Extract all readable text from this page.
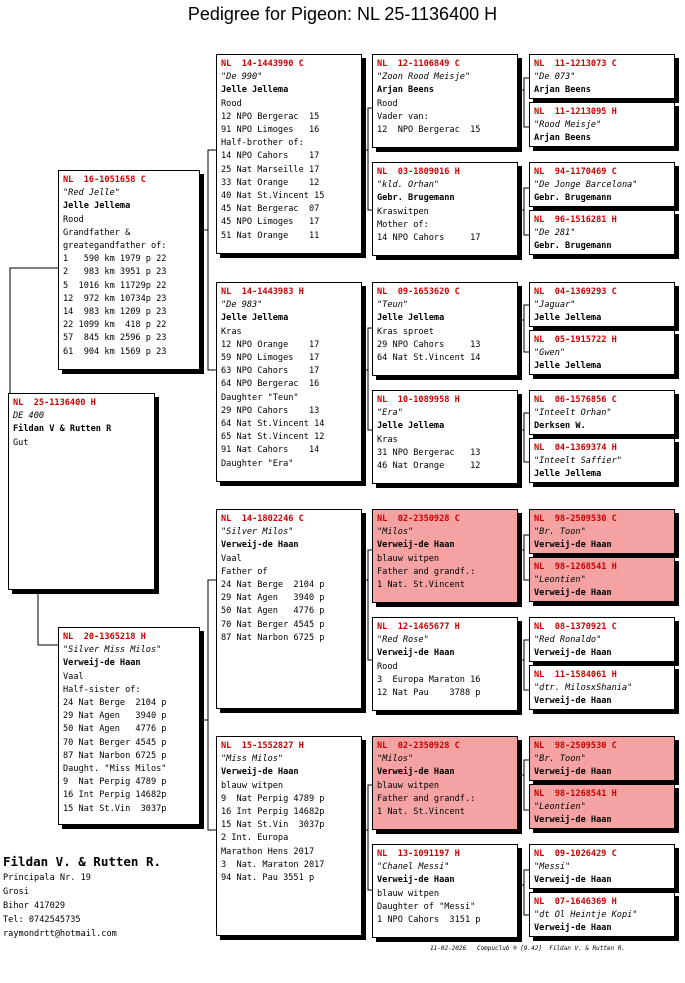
Pedigree for Pigeon: NL 25-1136400 H
NL  25-1136400 H
DE 400
Fildan V & Rutten R
Gut
NL  16-1051658 C
"Red Jelle"
Jelle Jellema
Rood
Grandfather &
greategandfather of:
1   590 km 1979 p 22
2   983 km 3951 p 23
5  1016 km 11729p 22
12  972 km 10734p 23
14  983 km 1209 p 23
22 1099 km  418 p 22
57  845 km 2596 p 23
61  904 km 1569 p 23
NL  20-1365218 H
"Silver Miss Milos"
Verweij-de Haan
Vaal
Half-sister of:
24 Nat Berge  2104 p
29 Nat Agen   3940 p
50 Nat Agen   4776 p
70 Nat Berger 4545 p
87 Nat Narbon 6725 p
Daught. "Miss Milos"
9  Nat Perpig 4789 p
16 Int Perpig 14682p
15 Nat St.Vin  3037p
NL  14-1443990 C
"De 990"
Jelle Jellema
Rood
12 NPO Bergerac  15
91 NPO Limoges   16
Half-brother of:
14 NPO Cahors    17
25 Nat Marseille 17
33 Nat Orange    12
40 Nat St.Vincent 15
45 Nat Bergerac  07
45 NPO Limoges   17
51 Nat Orange    11
NL  14-1443983 H
"De 983"
Jelle Jellema
Kras
12 NPO Orange    17
59 NPO Limoges   17
63 NPO Cahors    17
64 NPO Bergerac  16
Daughter "Teun"
29 NPO Cahors    13
64 Nat St.Vincent 14
65 Nat St.Vincent 12
91 Nat Cahors    14
Daughter "Era"
NL  14-1802246 C
"Silver Milos"
Verweij-de Haan
Vaal
Father of
24 Nat Berge  2104 p
29 Nat Agen   3940 p
50 Nat Agen   4776 p
70 Nat Berger 4545 p
87 Nat Narbon 6725 p
NL  15-1552827 H
"Miss Milos"
Verweij-de Haan
blauw witpen
9  Nat Perpig 4789 p
16 Int Perpig 14682p
15 Nat St.Vin  3037p
2 Int. Europa
Marathon Hens 2017
3  Nat. Maraton 2017
94 Nat. Pau 3551 p
NL  12-1106849 C
"Zoon Rood Meisje"
Arjan Beens
Rood
Vader van:
12  NPO Bergerac  15
NL  03-1809016 H
"kld. Orhan"
Gebr. Brugemann
Kraswitpen
Mother of:
14 NPO Cahors     17
NL  09-1653620 C
"Teun"
Jelle Jellema
Kras sproet
29 NPO Cahors     13
64 Nat St.Vincent 14
NL  10-1089958 H
"Era"
Jelle Jellema
Kras
31 NPO Bergerac   13
46 Nat Orange     12
NL  02-2350928 C
"Milos"
Verweij-de Haan
blauw witpen
Father and grandf.:
1 Nat. St.Vincent
NL  12-1465677 H
"Red Rose"
Verweij-de Haan
Rood
3  Europa Maraton 16
12 Nat Pau    3788 p
NL  02-2350928 C
"Milos"
Verweij-de Haan
blauw witpen
Father and grandf.:
1 Nat. St.Vincent
NL  13-1091197 H
"Chanel Messi"
Verweij-de Haan
blauw witpen
Daughter of "Messi"
1 NPO Cahors  3151 p
NL  11-1213073 C
"De 073"
Arjan Beens
NL  11-1213095 H
"Rood Meisje"
Arjan Beens
NL  94-1170469 C
"De Jonge Barcelona"
Gebr. Brugemann
NL  96-1516281 H
"De 281"
Gebr. Brugemann
NL  04-1369293 C
"Jaguar"
Jelle Jellema
NL  05-1915722 H
"Gwen"
Jelle Jellema
NL  06-1576856 C
"Inteelt Orhan"
Derksen W.
NL  04-1369374 H
"Inteelt Saffier"
Jelle Jellema
NL  98-2509530 C
"Br. Toon"
Verweij-de Haan
NL  98-1268541 H
"Leontien"
Verweij-de Haan
NL  08-1370921 C
"Red Ronaldo"
Verweij-de Haan
NL  11-1584061 H
"dtr. MilosxShania"
Verweij-de Haan
NL  98-2509530 C
"Br. Toon"
Verweij-de Haan
NL  98-1268541 H
"Leontien"
Verweij-de Haan
NL  09-1026429 C
"Messi"
Verweij-de Haan
NL  07-1646369 H
"dt Ol Heintje Kopi"
Verweij-de Haan
Fildan V. & Rutten R.
Principala Nr. 19
Grosi
Bihor 417029
Tel: 0742545735
raymondrtt@hotmail.com
11-02-2026   Compuclub ® [9.42]  Fildan V. & Rutten R.
